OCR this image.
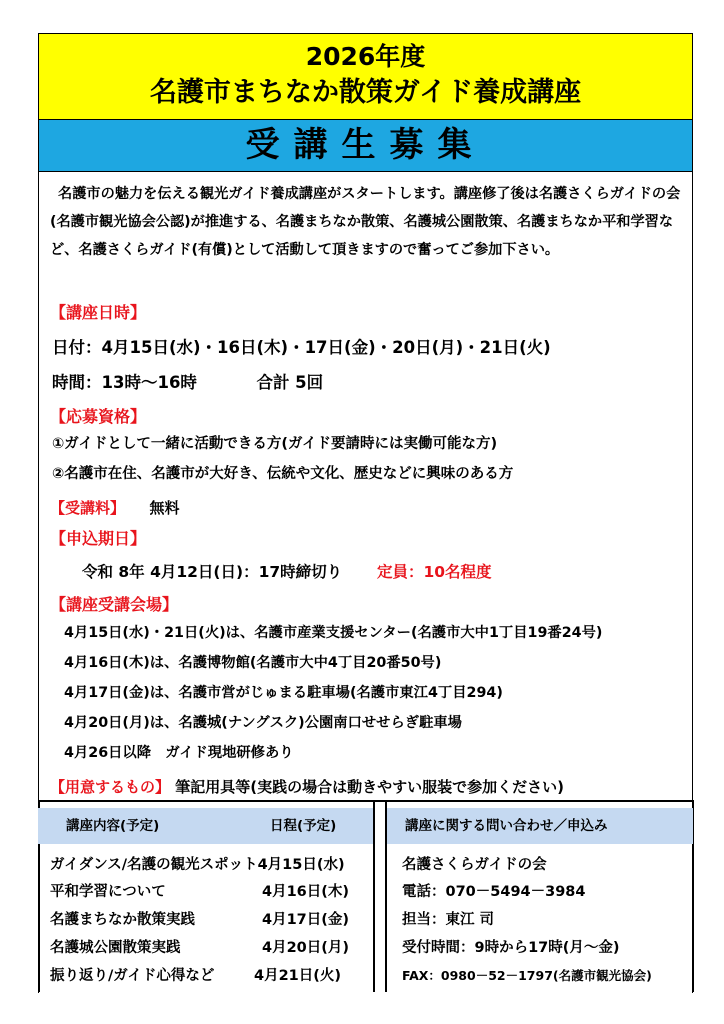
2026年度
名護市まちなか散策ガイド養成講座
受講生募集
名護市の魅力を伝える観光ガイド養成講座がスタートします。講座修了後は名護さくらガイドの会(名護市観光協会公認)が推進する、名護まちなか散策、名護城公園散策、名護まちなか平和学習など、名護さくらガイド(有償)として活動して頂きますので奮ってご参加下さい。
【講座日時】
日付：4月15日(水)・16日(木)・17日(金)・20日(月)・21日(火)
時間：13時～16時	合計 5回
【応募資格】
①ガイドとして一緒に活動できる方(ガイド要請時には実働可能な方)
②名護市在住、名護市が大好き、伝統や文化、歴史などに興味のある方
【受講料】 無料
【申込期日】
令和 8年 4月12日(日)：17時締切り 定員：10名程度
【講座受講会場】
4月15日(水)・21日(火)は、名護市産業支援センター(名護市大中1丁目19番24号)
4月16日(木)は、名護博物館(名護市大中4丁目20番50号)
4月17日(金)は、名護市営がじゅまる駐車場(名護市東江4丁目294)
4月20日(月)は、名護城(ナングスク)公園南口せせらぎ駐車場
4月26日以降　ガイド現地研修あり
【用意するもの】 筆記用具等(実践の場合は動きやすい服装で参加ください)
講座内容(予定)	日程(予定)	講座に関する問い合わせ／申込み
ガイダンス/名護の観光スポット4月15日(水)
平和学習について	4月16日(木)
名護まちなか散策実践	4月17日(金)
名護城公園散策実践	4月20日(月)
振り返り/ガイド心得など	4月21日(火)
名護さくらガイドの会
電話：070－5494－3984
担当：東江 司
受付時間：9時から17時(月～金)
FAX：0980－52－1797(名護市観光協会)
